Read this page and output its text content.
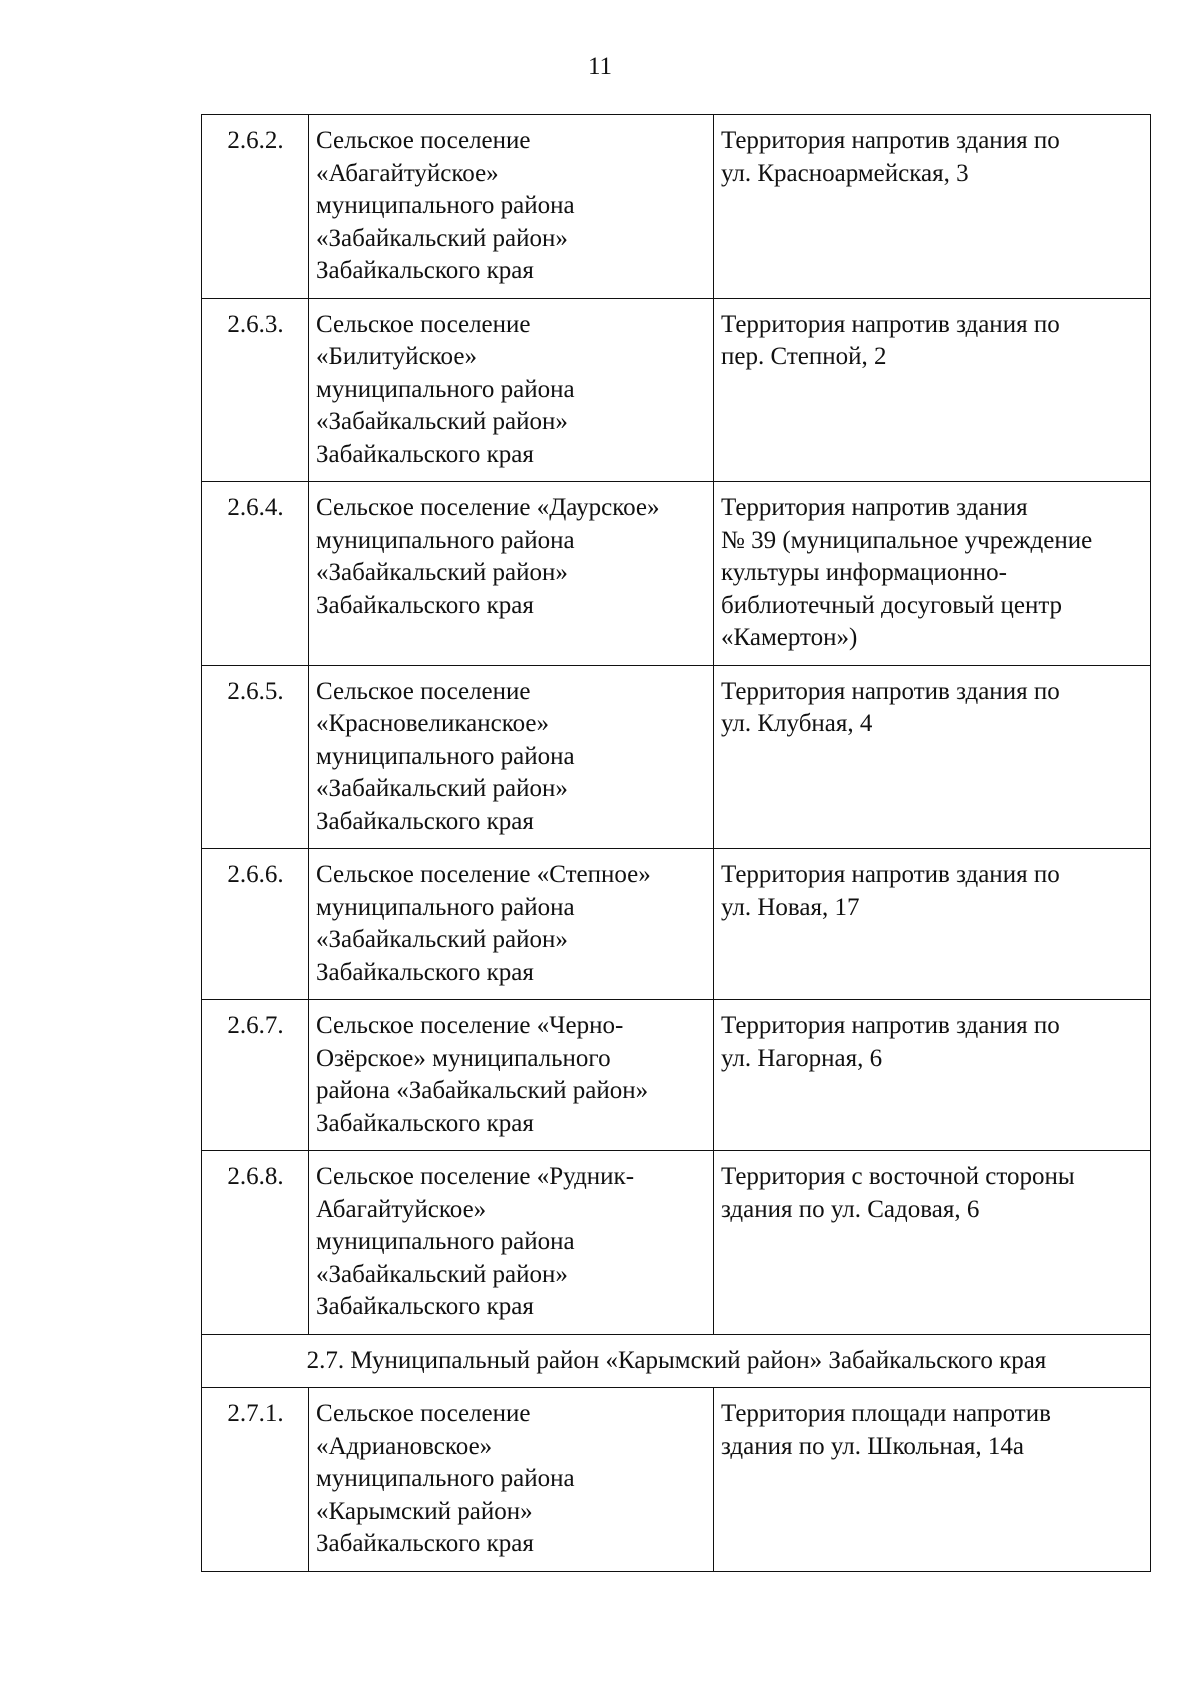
11
2.6.2.	Сельское поселение
«Абагайтуйское»
муниципального района
«Забайкальский район»
Забайкальского края	Территория напротив здания по
ул. Красноармейская, 3

2.6.3.	Сельское поселение
«Билитуйское»
муниципального района
«Забайкальский район»
Забайкальского края	Территория напротив здания по
пер. Степной, 2

2.6.4.	Сельское поселение «Даурское»
муниципального района
«Забайкальский район»
Забайкальского края	Территория напротив здания
№ 39 (муниципальное учреждение
культуры информационно-
библиотечный досуговый центр
«Камертон»)

2.6.5.	Сельское поселение
«Красновеликанское»
муниципального района
«Забайкальский район»
Забайкальского края	Территория напротив здания по
ул. Клубная, 4

2.6.6.	Сельское поселение «Степное»
муниципального района
«Забайкальский район»
Забайкальского края	Территория напротив здания по
ул. Новая, 17

2.6.7.	Сельское поселение «Черно-
Озёрское» муниципального
района «Забайкальский район»
Забайкальского края	Территория напротив здания по
ул. Нагорная, 6

2.6.8.	Сельское поселение «Рудник-
Абагайтуйское»
муниципального района
«Забайкальский район»
Забайкальского края	Территория с восточной стороны
здания по ул. Садовая, 6

2.7. Муниципальный район «Карымский район» Забайкальского края		
2.7.1.	Сельское поселение
«Адриановское»
муниципального района
«Карымский район»
Забайкальского края	Территория площади напротив
здания по ул. Школьная, 14а
